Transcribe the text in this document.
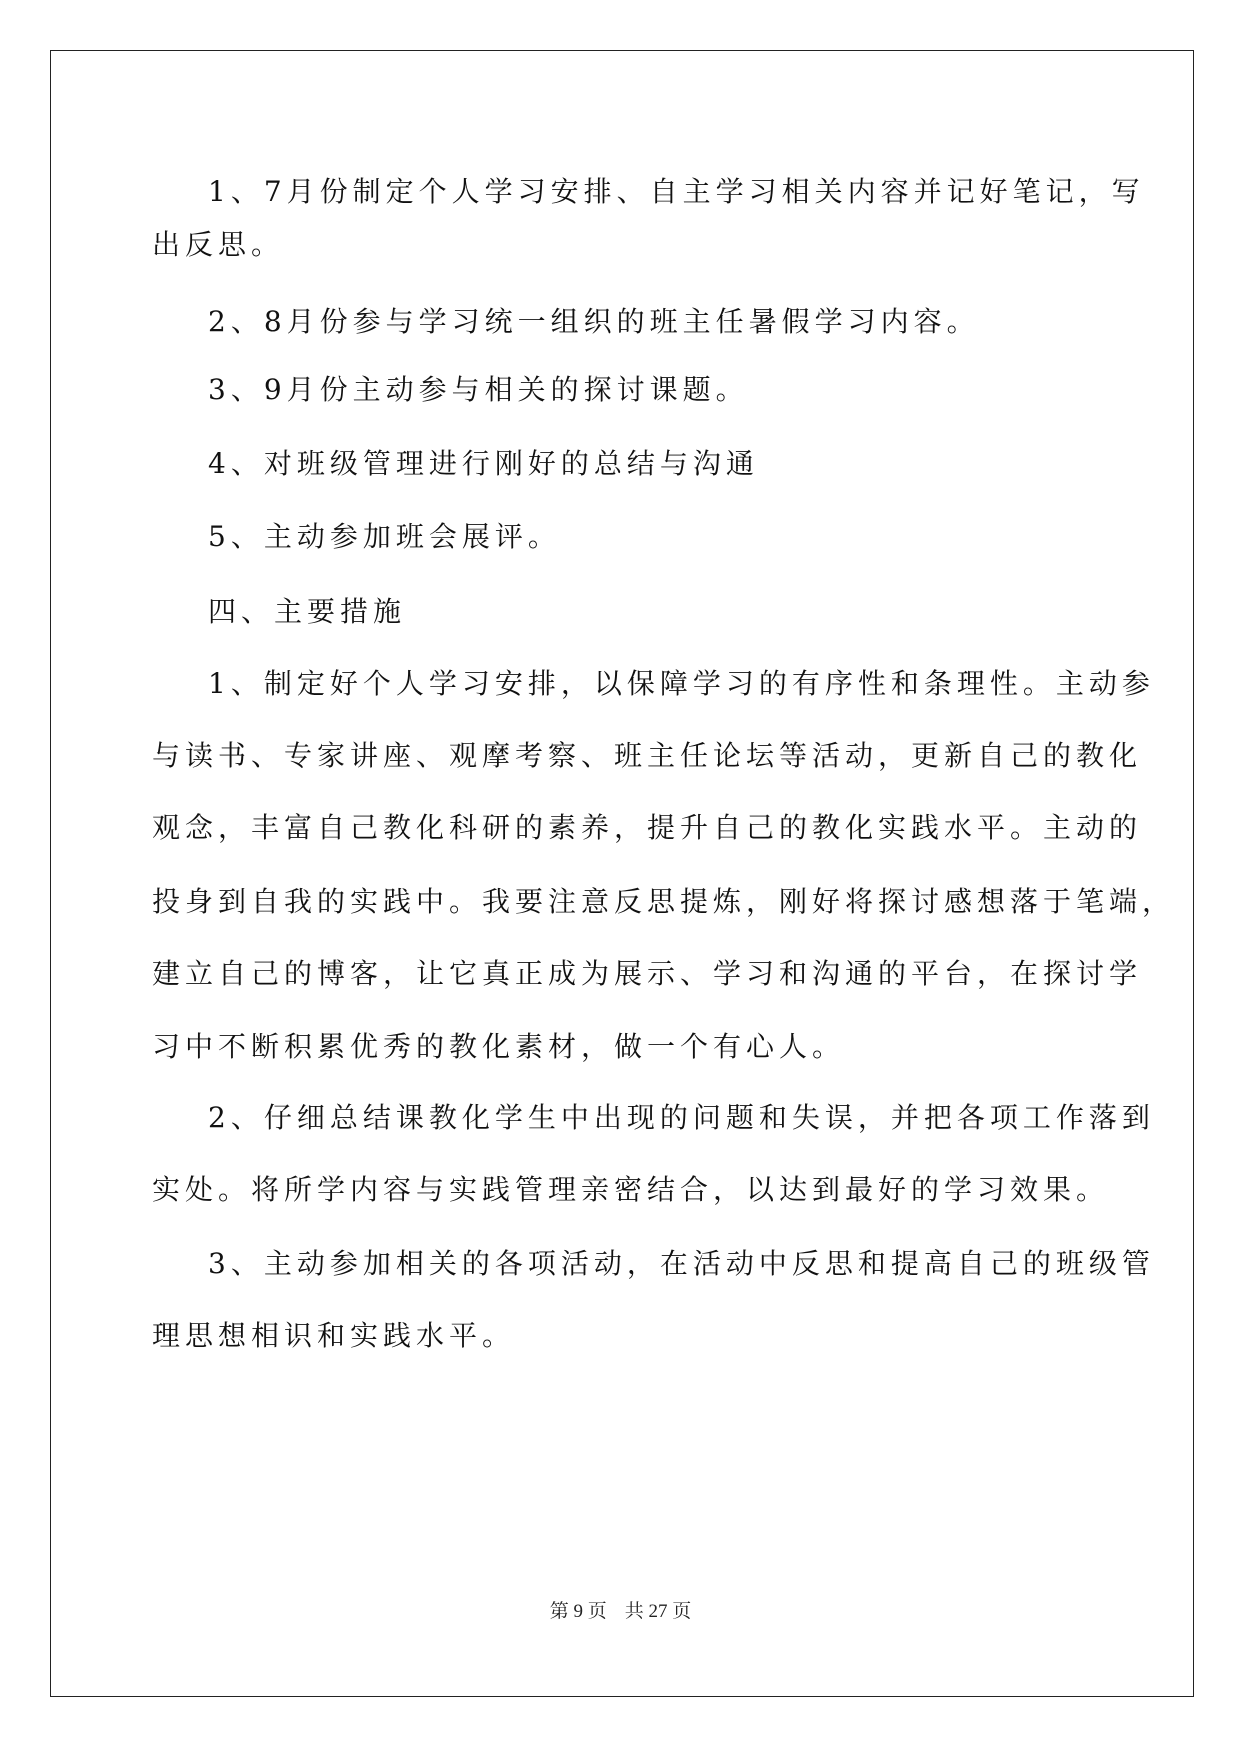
1、7月份制定个人学习安排、自主学习相关内容并记好笔记，写
出反思。
2、8月份参与学习统一组织的班主任暑假学习内容。
3、9月份主动参与相关的探讨课题。
4、对班级管理进行刚好的总结与沟通
5、主动参加班会展评。
四、主要措施
1、制定好个人学习安排，以保障学习的有序性和条理性。主动参
与读书、专家讲座、观摩考察、班主任论坛等活动，更新自己的教化
观念，丰富自己教化科研的素养，提升自己的教化实践水平。主动的
投身到自我的实践中。我要注意反思提炼，刚好将探讨感想落于笔端，
建立自己的博客，让它真正成为展示、学习和沟通的平台，在探讨学
习中不断积累优秀的教化素材，做一个有心人。
2、仔细总结课教化学生中出现的问题和失误，并把各项工作落到
实处。将所学内容与实践管理亲密结合，以达到最好的学习效果。
3、主动参加相关的各项活动，在活动中反思和提高自己的班级管
理思想相识和实践水平。
第 9 页 共 27 页
